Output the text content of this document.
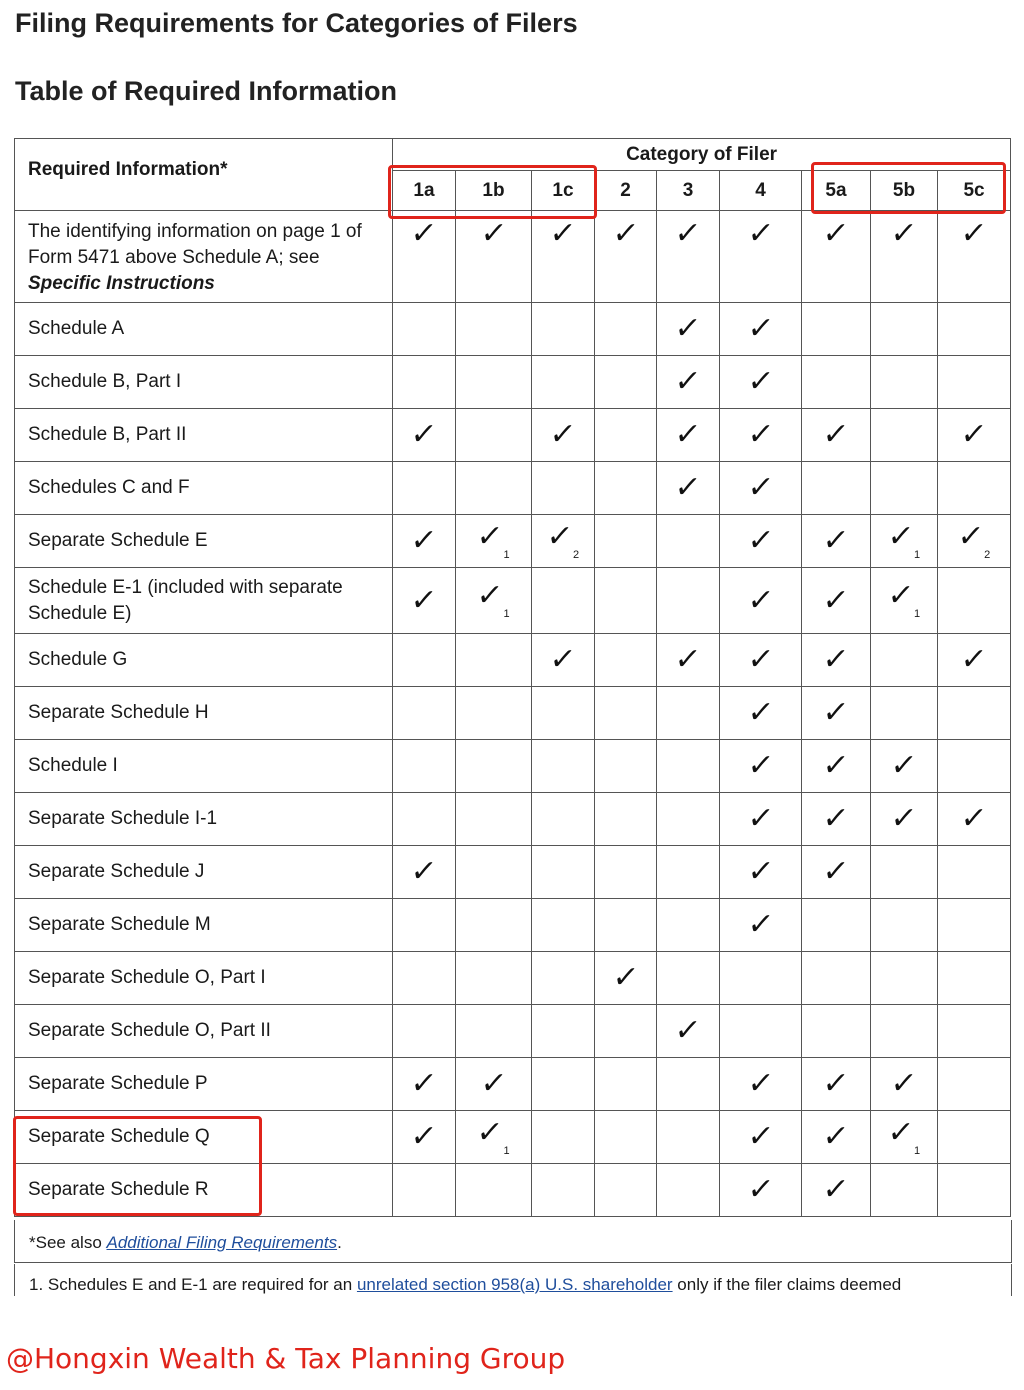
Filing Requirements for Categories of Filers
Table of Required Information
Required Information*	Category of Filer								
	1a	1b	1c	2	3	4	5a	5b	5c
The identifying information on page 1 of Form 5471 above Schedule A; see Specific Instructions	✓	✓	✓	✓	✓	✓	✓	✓	✓
Schedule A					✓	✓			
Schedule B, Part I					✓	✓			
Schedule B, Part II	✓		✓		✓	✓	✓		✓
Schedules C and F					✓	✓			
Separate Schedule E	✓	$✓_1$	$✓_2$			✓	✓	$✓_1$	$✓_2$
Schedule E-1 (included with separate Schedule E)	✓	$✓_1$				✓	✓	$✓_1$	
Schedule G			✓		✓	✓	✓		✓
Separate Schedule H						✓	✓		
Schedule I						✓	✓	✓	
Separate Schedule I-1						✓	✓	✓	✓
Separate Schedule J	✓					✓	✓		
Separate Schedule M						✓			
Separate Schedule O, Part I				✓					
Separate Schedule O, Part II					✓				
Separate Schedule P	✓	✓				✓	✓	✓	
Separate Schedule Q	✓	$✓_1$				✓	✓	$✓_1$	
Separate Schedule R						✓	✓		
*See also Additional Filing Requirements.
1. Schedules E and E-1 are required for an unrelated section 958(a) U.S. shareholder only if the filer claims deemed
@Hongxin Wealth & Tax Planning Group
